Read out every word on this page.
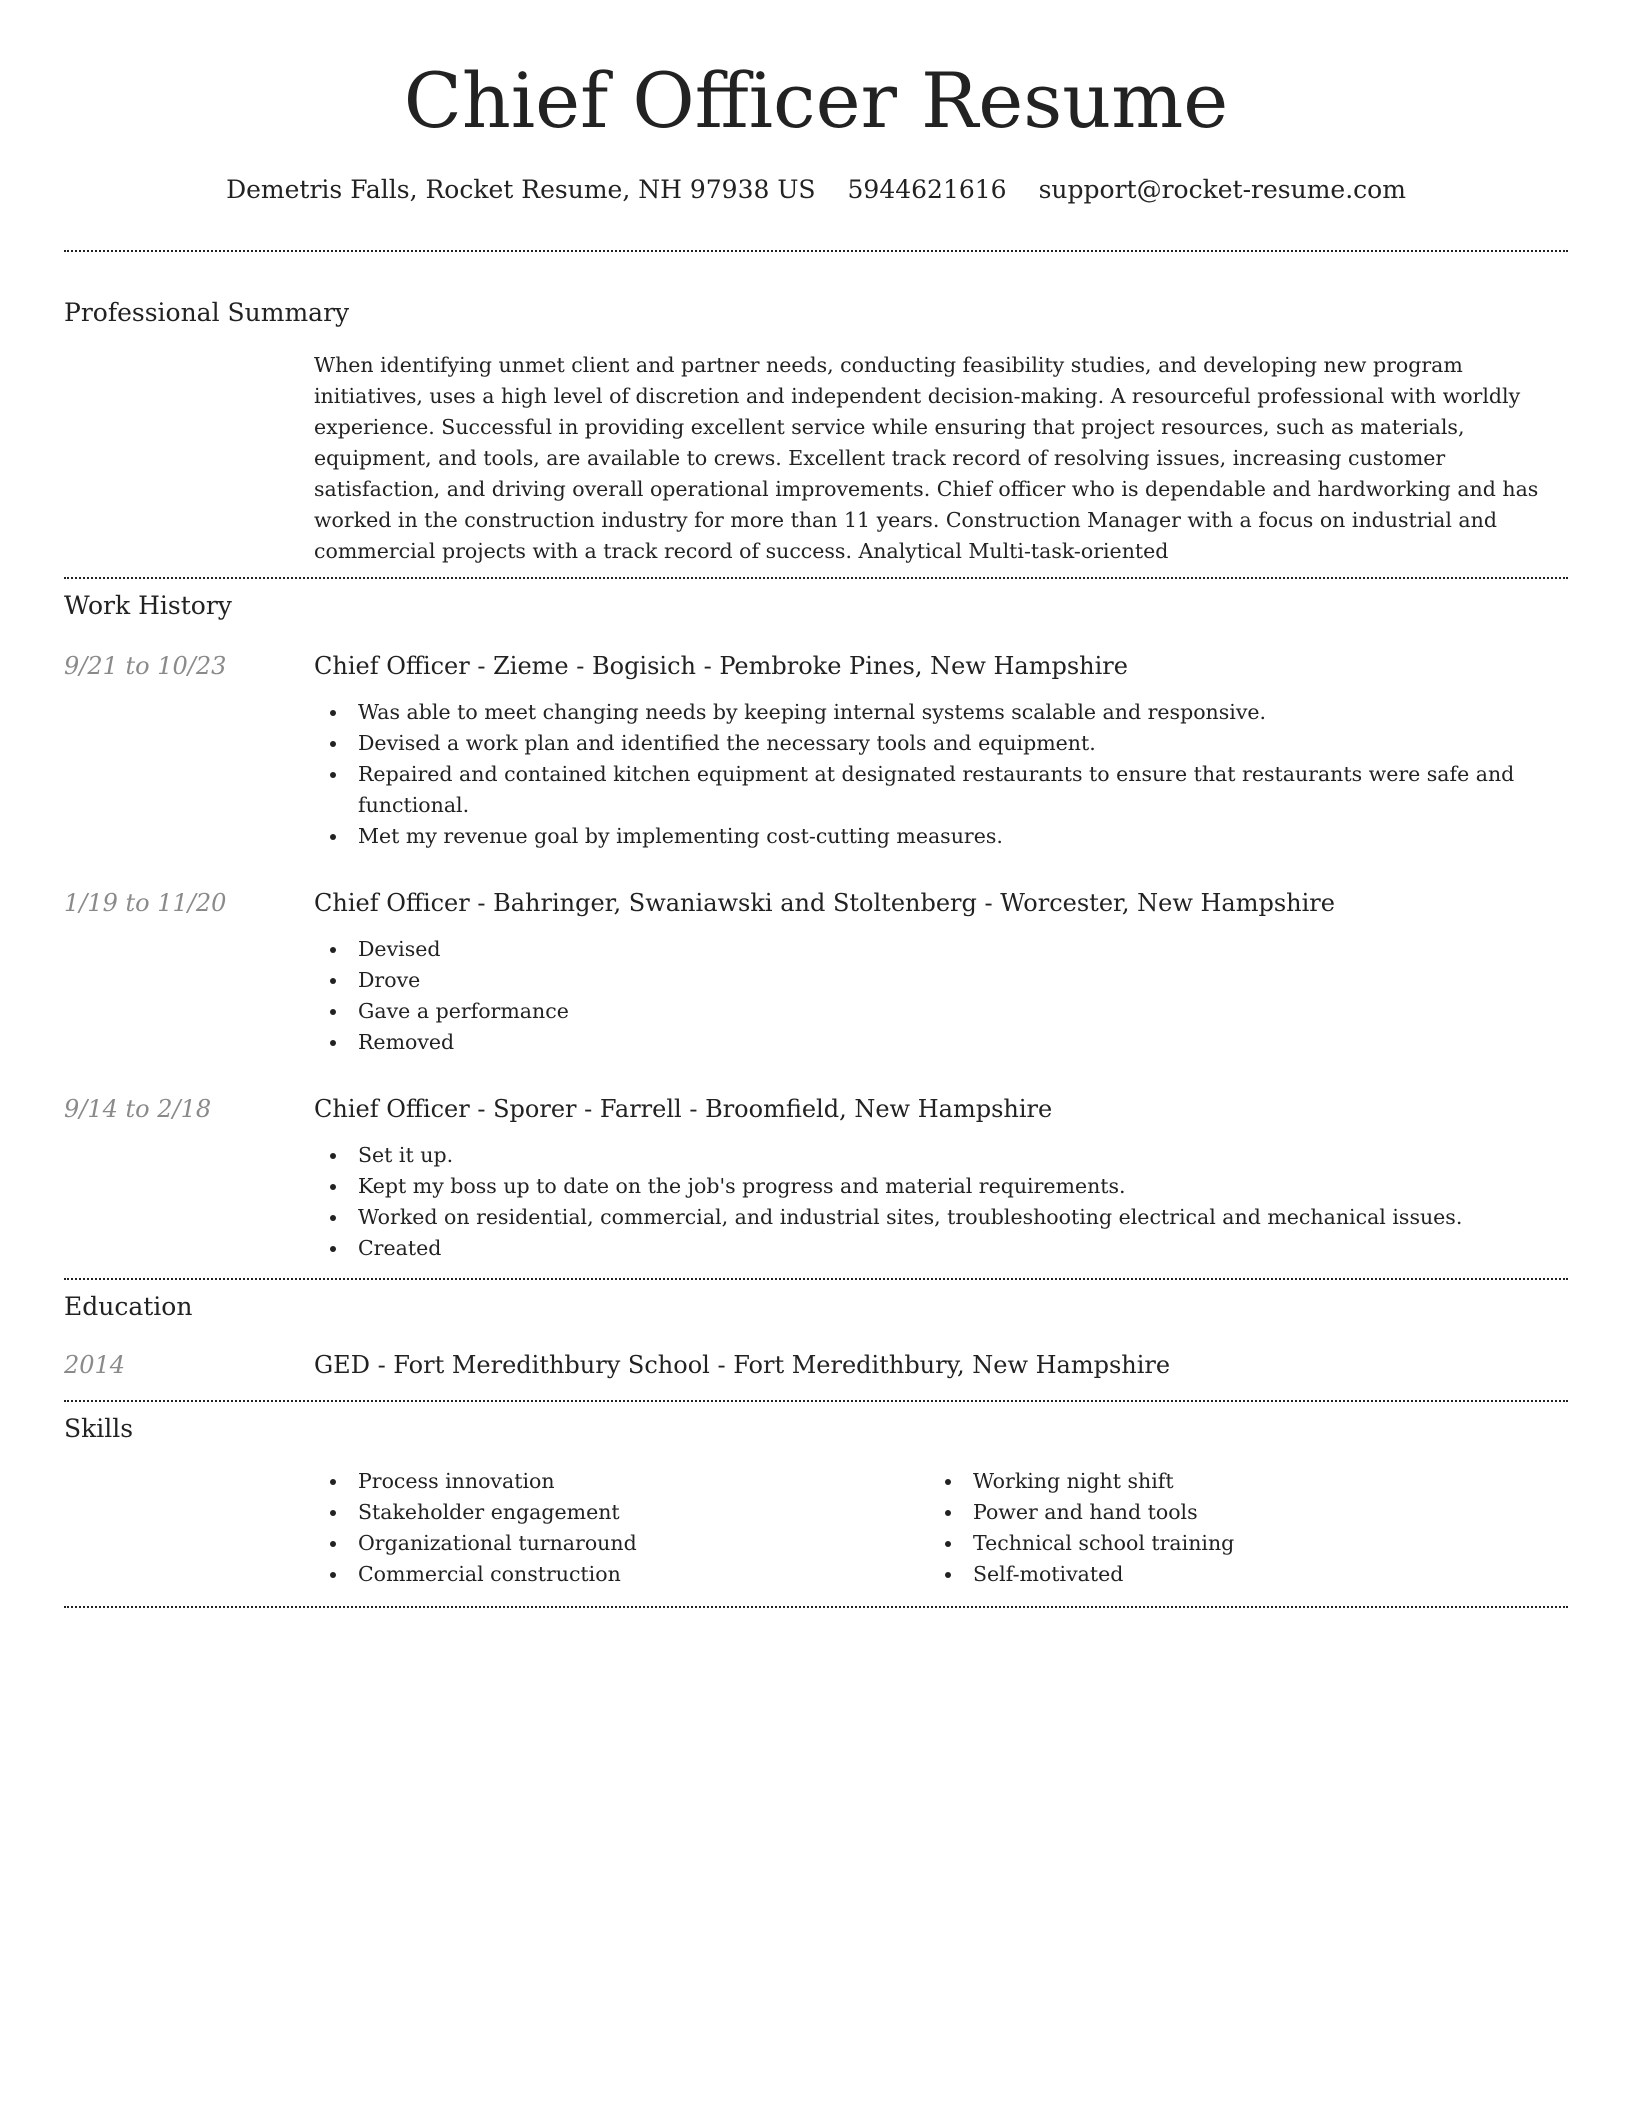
Chief Officer Resume
Demetris Falls, Rocket Resume, NH 97938 US 5944621616 support@rocket-resume.com
Professional Summary
When identifying unmet client and partner needs, conducting feasibility studies, and developing new program initiatives, uses a high level of discretion and independent decision-making. A resourceful professional with worldly experience. Successful in providing excellent service while ensuring that project resources, such as materials, equipment, and tools, are available to crews. Excellent track record of resolving issues, increasing customer satisfaction, and driving overall operational improvements. Chief officer who is dependable and hardworking and has worked in the construction industry for more than 11 years. Construction Manager with a focus on industrial and commercial projects with a track record of success. Analytical Multi-task-oriented
Work History
9/21 to 10/23	Chief Officer - Zieme - Bogisich - Pembroke Pines, New Hampshire
Was able to meet changing needs by keeping internal systems scalable and responsive.
Devised a work plan and identified the necessary tools and equipment.
Repaired and contained kitchen equipment at designated restaurants to ensure that restaurants were safe and functional.
Met my revenue goal by implementing cost-cutting measures.
1/19 to 11/20	Chief Officer - Bahringer, Swaniawski and Stoltenberg - Worcester, New Hampshire
Devised
Drove
Gave a performance
Removed
9/14 to 2/18	Chief Officer - Sporer - Farrell - Broomfield, New Hampshire
Set it up.
Kept my boss up to date on the job's progress and material requirements.
Worked on residential, commercial, and industrial sites, troubleshooting electrical and mechanical issues.
Created
Education
2014	GED - Fort Meredithbury School - Fort Meredithbury, New Hampshire
Skills
Process innovation
Stakeholder engagement
Organizational turnaround
Commercial construction
Working night shift
Power and hand tools
Technical school training
Self-motivated
